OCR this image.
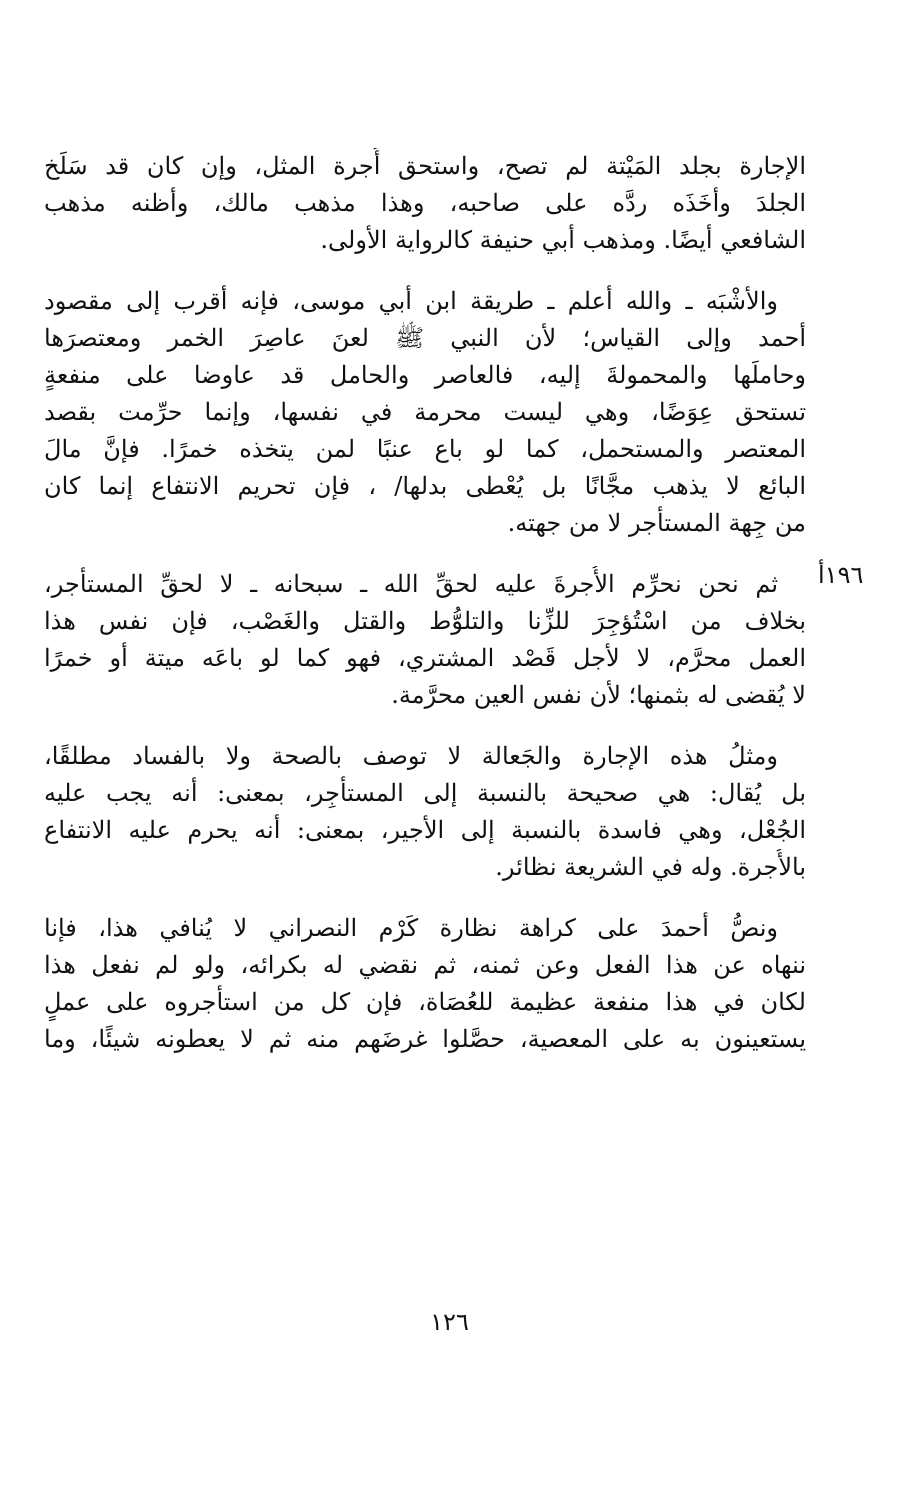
الإجارة بجلد المَيْتة لم تصح، واستحق أُجرة المثل، وإن كان قد سَلَخ
الجلدَ وأخَذَه ردَّه على صاحبه، وهذا مذهب مالك، وأظنه مذهب
الشافعي أيضًا. ومذهب أبي حنيفة كالرواية الأولى.
والأشْبَه ـ والله أعلم ـ طريقة ابن أبي موسى، فإنه أقرب إلى مقصود
أحمد وإلى القياس؛ لأن النبي ﷺ لعنَ عاصِرَ الخمر ومعتصرَها
وحاملَها والمحمولةَ إليه، فالعاصر والحامل قد عاوضا على منفعةٍ
تستحق عِوَضًا، وهي ليست محرمة في نفسها، وإنما حرِّمت بقصد
المعتصر والمستحمل، كما لو باع عنبًا لمن يتخذه خمرًا. فإنَّ مالَ
البائع لا يذهب مجَّانًا بل يُعْطى بدلها/ ، فإن تحريم الانتفاع إنما كان
من جِهة المستأجر لا من جهته.
ثم نحن نحرِّم الأُجرةَ عليه لحقِّ الله ـ سبحانه ـ لا لحقِّ المستأجر،
بخلاف من اسْتُؤجِرَ للزِّنا والتلوُّط والقتل والغَصْب، فإن نفس هذا
العمل محرَّم، لا لأجل قَصْد المشتري، فهو كما لو باعَه ميتة أو خمرًا
لا يُقضى له بثمنها؛ لأن نفس العين محرَّمة.
ومثلُ هذه الإجارة والجَعالة لا توصف بالصحة ولا بالفساد مطلقًا،
بل يُقال: هي صحيحة بالنسبة إلى المستأجِر، بمعنى: أنه يجب عليه
الجُعْل، وهي فاسدة بالنسبة إلى الأجير، بمعنى: أنه يحرم عليه الانتفاع
بالأُجرة. وله في الشريعة نظائر.
ونصُّ أحمدَ على كراهة نظارة كَرْم النصراني لا يُنافي هذا، فإنا
ننهاه عن هذا الفعل وعن ثمنه، ثم نقضي له بكرائه، ولو لم نفعل هذا
لكان في هذا منفعة عظيمة للعُصَاة، فإن كل من استأجروه على عملٍ
يستعينون به على المعصية، حصَّلوا غرضَهم منه ثم لا يعطونه شيئًا، وما
١٩٦أ
١٢٦
